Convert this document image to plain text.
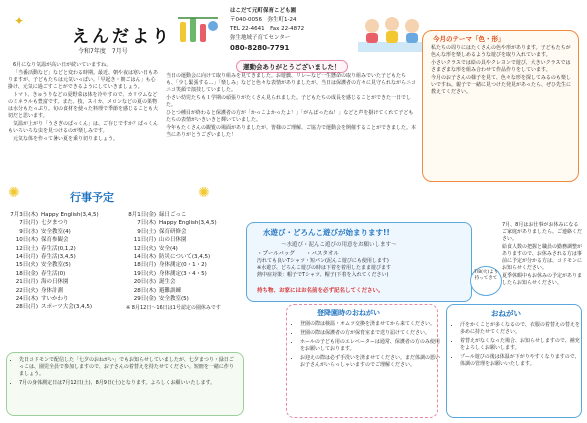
✦
えんだより
令和7年度　7月号
はこだて元町保育こども園
〒040-0056　弥生町1-24
TEL 22-4641　Fax 22-4872
弥生地域子育てセンター
080-8280-7791

6月になり気温が高い日が続いていますね。

「当番活動など」などと変わる時期。最近、朝や夜は寒い日もありますが、子どもたちは元気いっぱい。「早起き・朝ごはん」も心掛け、元気に過ごすことができるようにしていきましょう。

トマト、きゅうりなどの夏野菜は体を冷やすので、カリウムなどのミネラルも豊富です。また、枝、スイカ、メロンなどの夏の果物は水分もたっぷり。旬の食材を使った料理で季節を感じることも大切だと思います。

気温が上がり「うさぎのぱっくん」は、ご存じですか？ぱっくんもいろいろな虫を見つけるのが楽しみです。

元気な体を作って暑い夏を乗り切りましょう。

運動会ありがとうございました！

当日の運動会に向けて取り組みを見てきました。お遊戯、リレーなど一生懸命の取り組みでいた子どもたちも、「少し緊張する…」「楽しみ」などと色々な表情がありましたが、当日は保護者の方々に見守られながらニコニコ笑顔で演技していました。

小さい幼児たちも１学期の頑張りがたくさん見られました。子どもたちの成長を感じることができた一日でした。

ひとつ種目が終わると保護者の方が「かっこよかったよ！」「がんばったね！」などと声を掛けてくれて子どもたちの表情がいきいきと輝いていました。

今年もたくさんの観覧の場面がありましたが、皆様のご理解、ご協力で運動会を開催することができました。本当にありがとうございました！

今月のテーマ「色・形」

私たちの周りにはたくさんの色や形があります。子どもたちが色んな形を楽しめるような遊びを取り入れています。

小さいクラスでは絵の具やクレヨンで遊び、大きいクラスではさまざまな形を組み合わせて作品作りをしています。

今月のお子さんの様子を見て、色々な形を探してみるのも楽しいですね。親子で一緒に見つけた発見があったら、ぜひ先生に教えてください。

✺	行事予定	✺
7月3日(木) Happy English(3,4,5)
7日(月) 七夕まつり
9日(水) 安全教室(4)
10日(木) 保育参観会
12日(土) 春生活(0,1,2)
14日(月) 春生活(3,4,5)
15日(火) 安全教室(5)
18日(金) 春生活(0)
21日(月) 海の日休園
22日(火) 身体計測
24日(木) すいかわり
28日(月) スポーツ大会(3,4,5)
8月1日(金) 緑日ごっこ
7日(木) Happy English(3,4,5)
9日(土) 保育研修会
11日(月) 山の日休園
12日(火) 安全(4)
14日(木) 防災について(3,4,5)
18日(月) 身体測定(0・1・2)
19日(火) 身体測定(3・4・5)
20日(水) 誕生会
28日(木) 避難訓練
29日(金) 安全教室(5)
※ 8月12日〜16日は1号認定の園休みです
• 先日コドモンで配信した「七夕のおねがい」でもお知らせしていましたが、七夕まつり・緑日ごっこは、園児全員で参加しますので、お子さんの着替えを持たせてください。短冊を一緒に作りましょう。
• 7月の身体測定日は7月12日(土)、8月9日(土)となります。よろしくお願いいたします。
水遊び・どろんこ遊びが始まります!!
〜水遊び・泥んこ遊びの用意をお願いします〜
・プールバッグ　　・バスタオル
汚れても良いTシャツ・短パン(泥んこ遊びにも使用します)
※水遊び、どろんこ遊びの時は下着を着用したまま遊びます
熱中症対策：帽子でTシャツ、帽子(下着を入れてください)
持ち物、お家にはお名前を必ず記名してください。
7/8(火)より持ってきて

7月、8月はお仕事がお休みになるご家庭がありましたら、ご連絡ください。

給食人数の把握と職員の勤務調整がありますので、お休みされる方は事前に予定が分かる方は、コドモンにお知らせください。

夏季休暇中もお休みの予定がありましたらお知らせください。

登降園時のおねがい
• 登園の際は検温・オムツ交換を済ませてから来てください。
• 登園の際は保護者の方が保育室まで送り届けてください。
• ホールの子ども用のエレベーターは通常、保護者の方のみ使用をお願いしております。
• お迎えの際は必ず手洗いを済ませてください。まだ体調の悪いお子さんがいらっしゃいますのでご理解ください。
おねがい
• 汗をかくことが多くなるので、衣服の着替えの替えを多めに持たせてください。
• 着替えがなくなった場合、お知らせしますので、補充をよろしくお願いします。
• プール遊びの後は体温が下がりやすくなりますので、体調の管理をお願いいたします。
